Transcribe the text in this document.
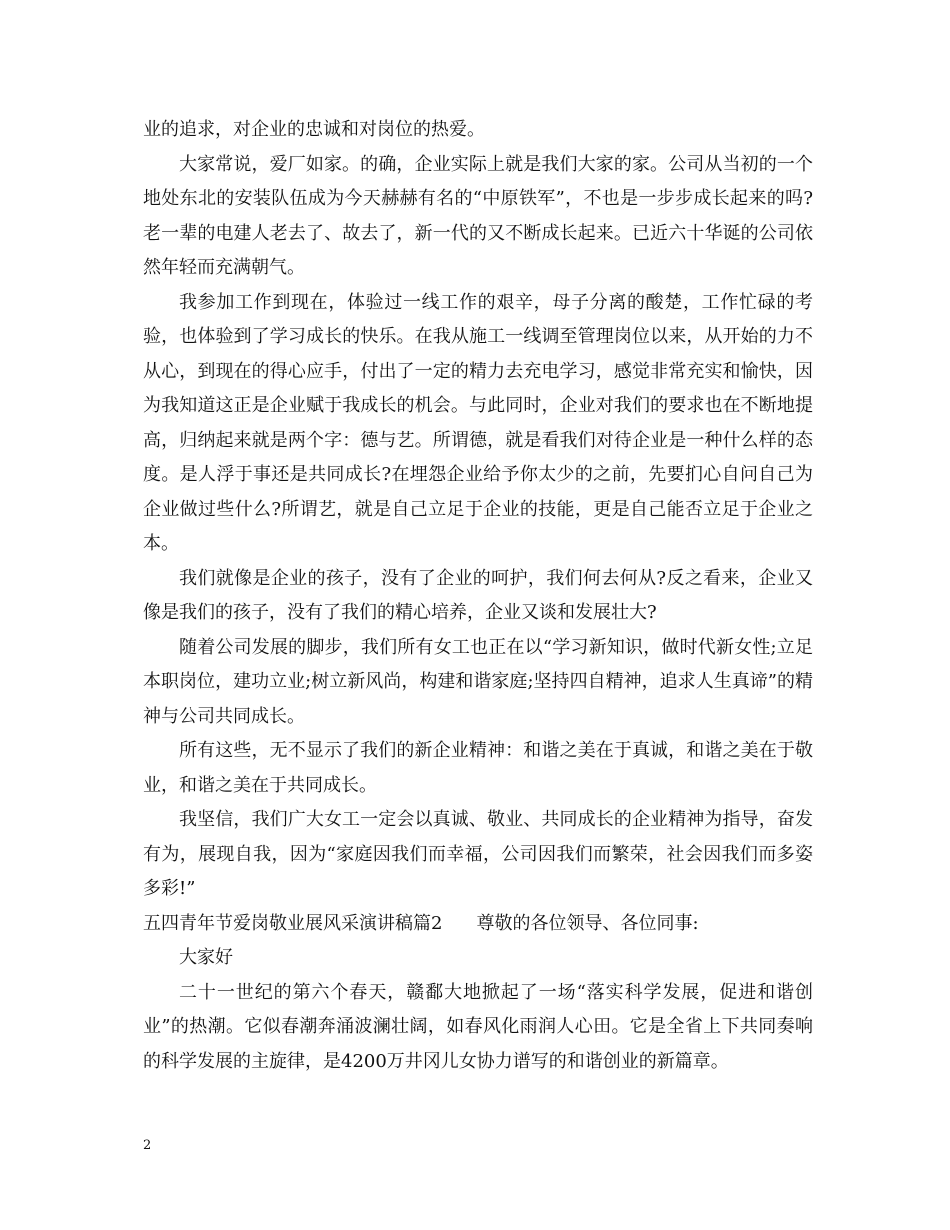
业的追求，对企业的忠诚和对岗位的热爱。

大家常说，爱厂如家。的确，企业实际上就是我们大家的家。公司从当初的一个地处东北的安装队伍成为今天赫赫有名的“中原铁军”，不也是一步步成长起来的吗?老一辈的电建人老去了、故去了，新一代的又不断成长起来。已近六十华诞的公司依然年轻而充满朝气。

我参加工作到现在，体验过一线工作的艰辛，母子分离的酸楚，工作忙碌的考验，也体验到了学习成长的快乐。在我从施工一线调至管理岗位以来，从开始的力不从心，到现在的得心应手，付出了一定的精力去充电学习，感觉非常充实和愉快，因为我知道这正是企业赋于我成长的机会。与此同时，企业对我们的要求也在不断地提高，归纳起来就是两个字：德与艺。所谓德，就是看我们对待企业是一种什么样的态度。是人浮于事还是共同成长?在埋怨企业给予你太少的之前，先要扪心自问自己为企业做过些什么?所谓艺，就是自己立足于企业的技能，更是自己能否立足于企业之本。

我们就像是企业的孩子，没有了企业的呵护，我们何去何从?反之看来，企业又像是我们的孩子，没有了我们的精心培养，企业又谈和发展壮大?

随着公司发展的脚步，我们所有女工也正在以“学习新知识，做时代新女性;立足本职岗位，建功立业;树立新风尚，构建和谐家庭;坚持四自精神，追求人生真谛”的精神与公司共同成长。

所有这些，无不显示了我们的新企业精神：和谐之美在于真诚，和谐之美在于敬业，和谐之美在于共同成长。

我坚信，我们广大女工一定会以真诚、敬业、共同成长的企业精神为指导，奋发有为，展现自我，因为“家庭因我们而幸福，公司因我们而繁荣，社会因我们而多姿多彩!”

五四青年节爱岗敬业展风采演讲稿篇2 尊敬的各位领导、各位同事:

大家好

二十一世纪的第六个春天，赣鄱大地掀起了一场“落实科学发展，促进和谐创业”的热潮。它似春潮奔涌波澜壮阔，如春风化雨润人心田。它是全省上下共同奏响的科学发展的主旋律，是4200万井冈儿女协力谱写的和谐创业的新篇章。

2
